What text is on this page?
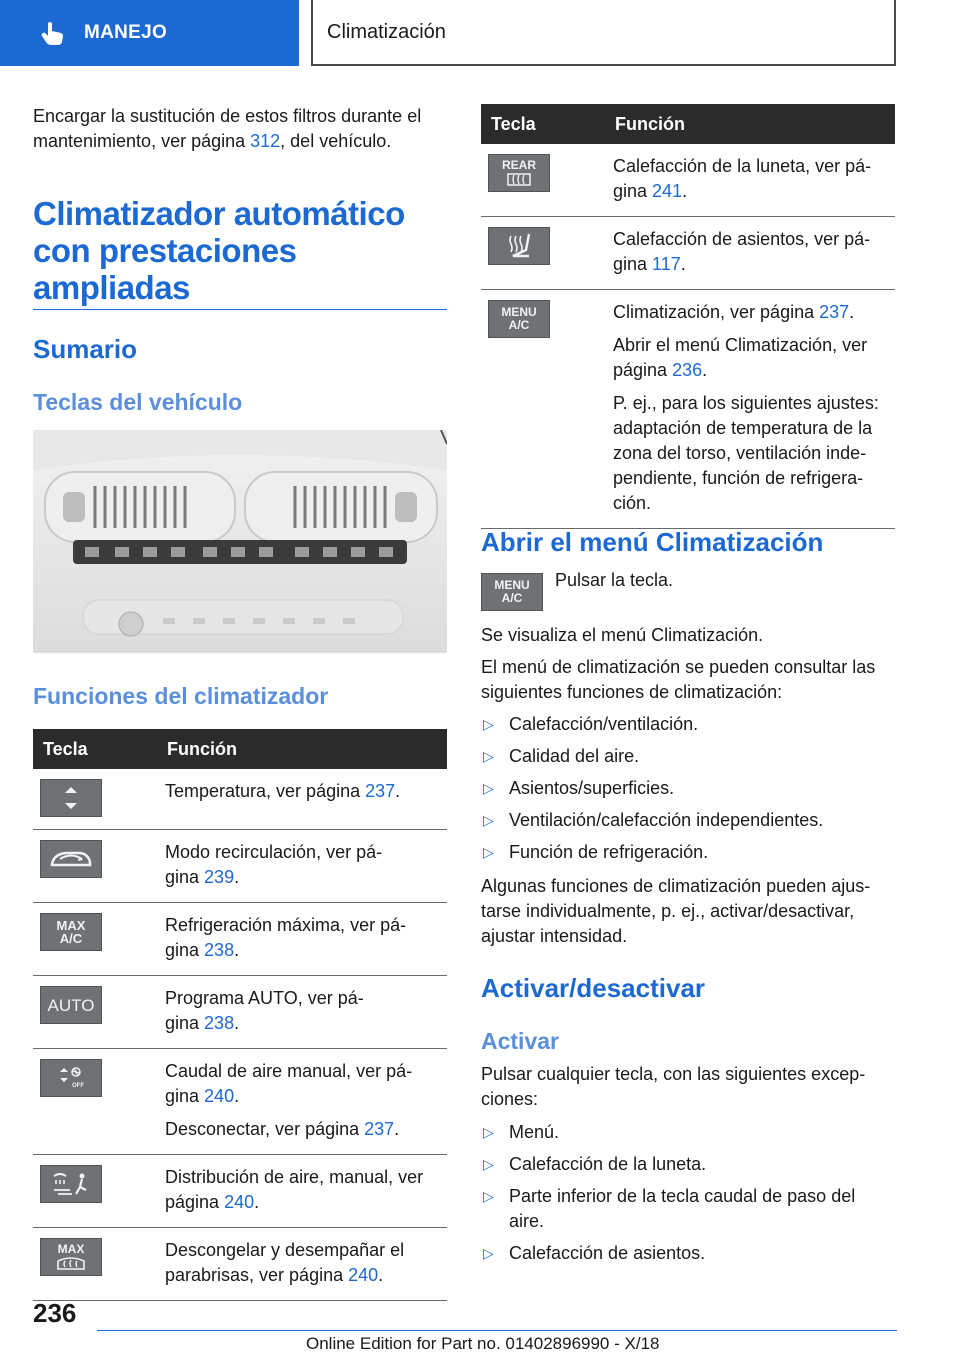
MANEJO	Climatización

Encargar la sustitución de estos filtros durante el mantenimiento, ver página 312, del vehículo.

Climatizador automático
con prestaciones
ampliadas
Sumario
Teclas del vehículo
Funciones del climatizador
Tecla	Función

Temperatura, ver página 237.

Modo recirculación, ver pá-
gina 239.

MAX A/C	Refrigeración máxima, ver pá-
gina 238.

AUTO	Programa AUTO, ver pá-
gina 238.

OFF	Caudal de aire manual, ver pá-
gina 240.

Desconectar, ver página 237.

Distribución de aire, manual, ver
página 240.

MAX	Descongelar y desempañar el
parabrisas, ver página 240.

Tecla	Función

REAR	Calefacción de la luneta, ver pá-
gina 241.

Calefacción de asientos, ver pá-
gina 117.

MENU A/C	Climatización, ver página 237.

Abrir el menú Climatización, ver
página 236.

P. ej., para los siguientes ajustes: adaptación de temperatura de la zona del torso, ventilación inde-pendiente, función de refrigera-ción.

Abrir el menú Climatización
MENU A/C

Pulsar la tecla.

Se visualiza el menú Climatización.

El menú de climatización se pueden consultar las siguientes funciones de climatización:

▷ Calefacción/ventilación.
▷ Calidad del aire.
▷ Asientos/superficies.
▷ Ventilación/calefacción independientes.
▷ Función de refrigeración.

Algunas funciones de climatización pueden ajus-tarse individualmente, p. ej., activar/desactivar, ajustar intensidad.

Activar/desactivar
Activar

Pulsar cualquier tecla, con las siguientes excep-ciones:

▷ Menú.
▷ Calefacción de la luneta.
▷ Parte inferior de la tecla caudal de paso del aire.
▷ Calefacción de asientos.
236
Online Edition for Part no. 01402896990 - X/18
